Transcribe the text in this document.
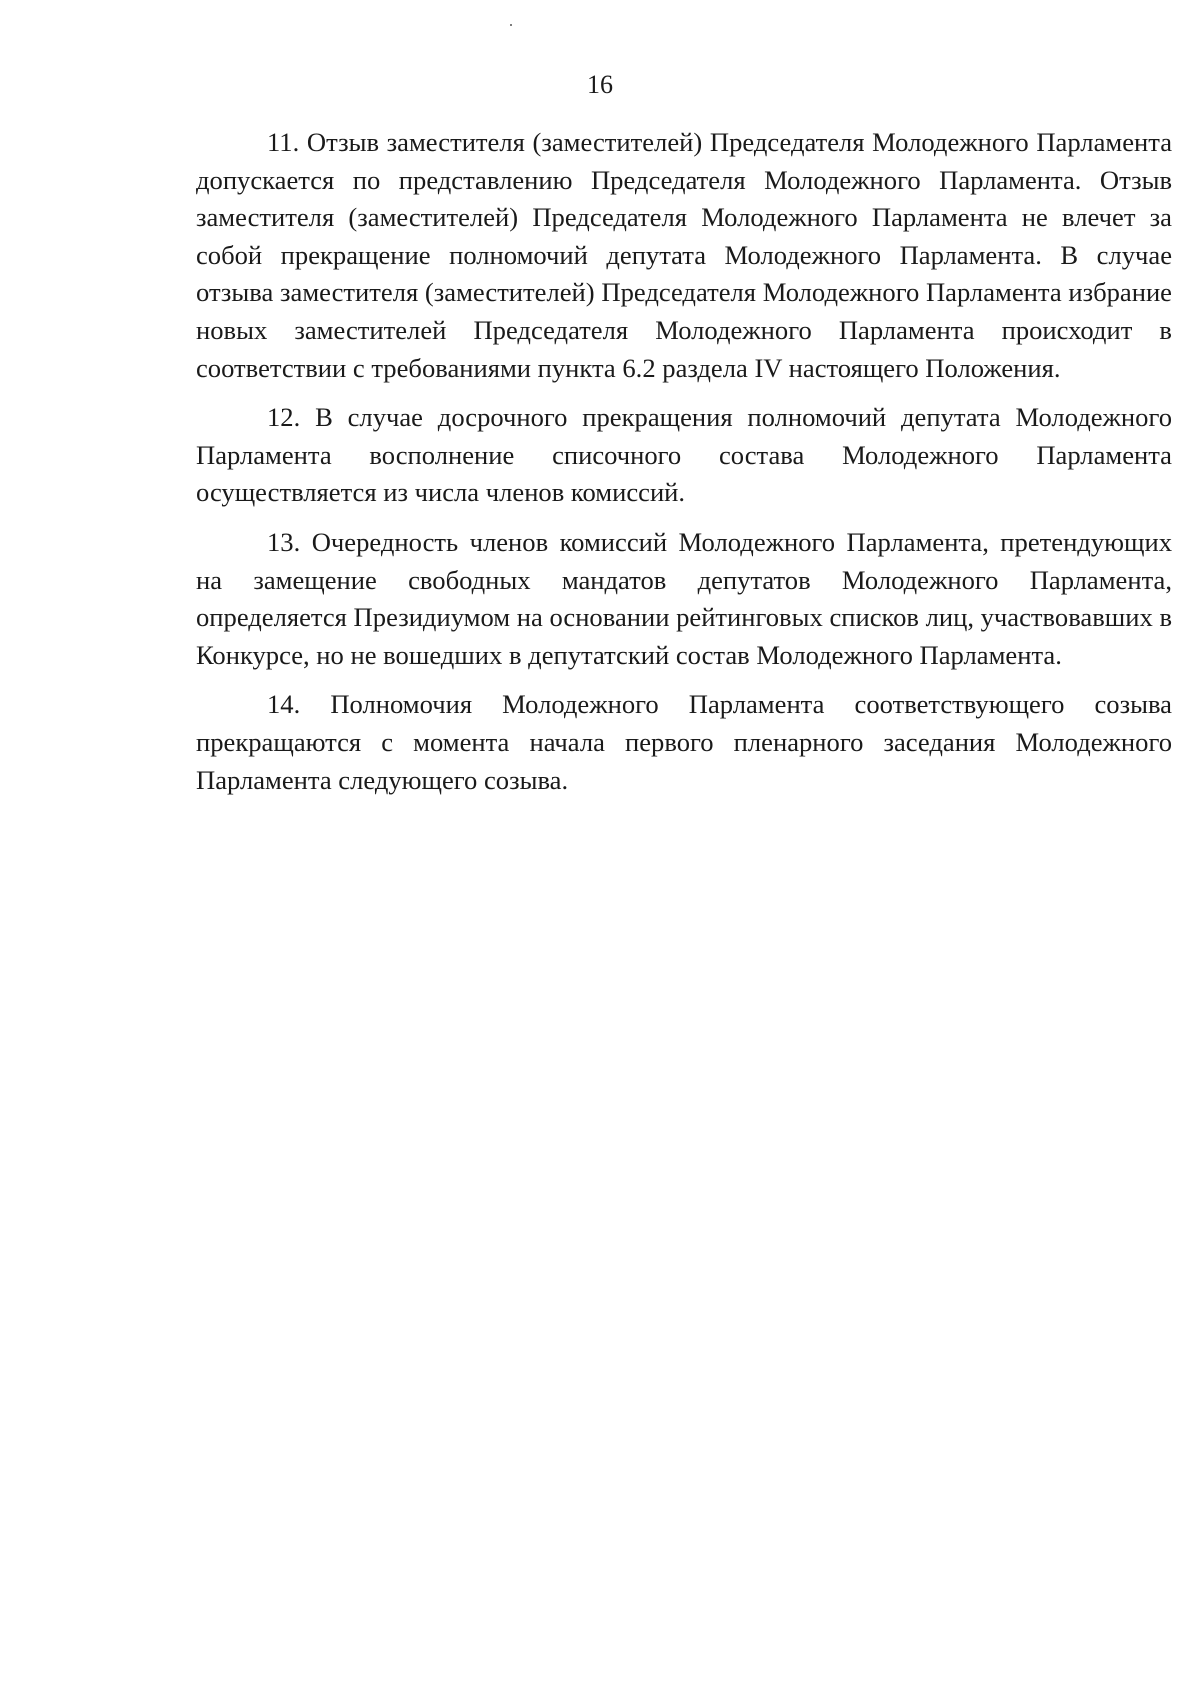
16

11. Отзыв заместителя (заместителей) Председателя Молодежного Парламента допускается по представлению Председателя Молодежного Парламента. Отзыв заместителя (заместителей) Председателя Молодежного Парламента не влечет за собой прекращение полномочий депутата Молодежного Парламента. В случае отзыва заместителя (заместителей) Председателя Молодежного Парламента избрание новых заместителей Председателя Молодежного Парламента происходит в соответствии с требованиями пункта 6.2 раздела IV настоящего Положения.

12. В случае досрочного прекращения полномочий депутата Молодежного Парламента восполнение списочного состава Молодежного Парламента осуществляется из числа членов комиссий.

13. Очередность членов комиссий Молодежного Парламента, претендующих на замещение свободных мандатов депутатов Молодежного Парламента, определяется Президиумом на основании рейтинговых списков лиц, участвовавших в Конкурсе, но не вошедших в депутатский состав Молодежного Парламента.

14. Полномочия Молодежного Парламента соответствующего созыва прекращаются с момента начала первого пленарного заседания Молодежного Парламента следующего созыва.
